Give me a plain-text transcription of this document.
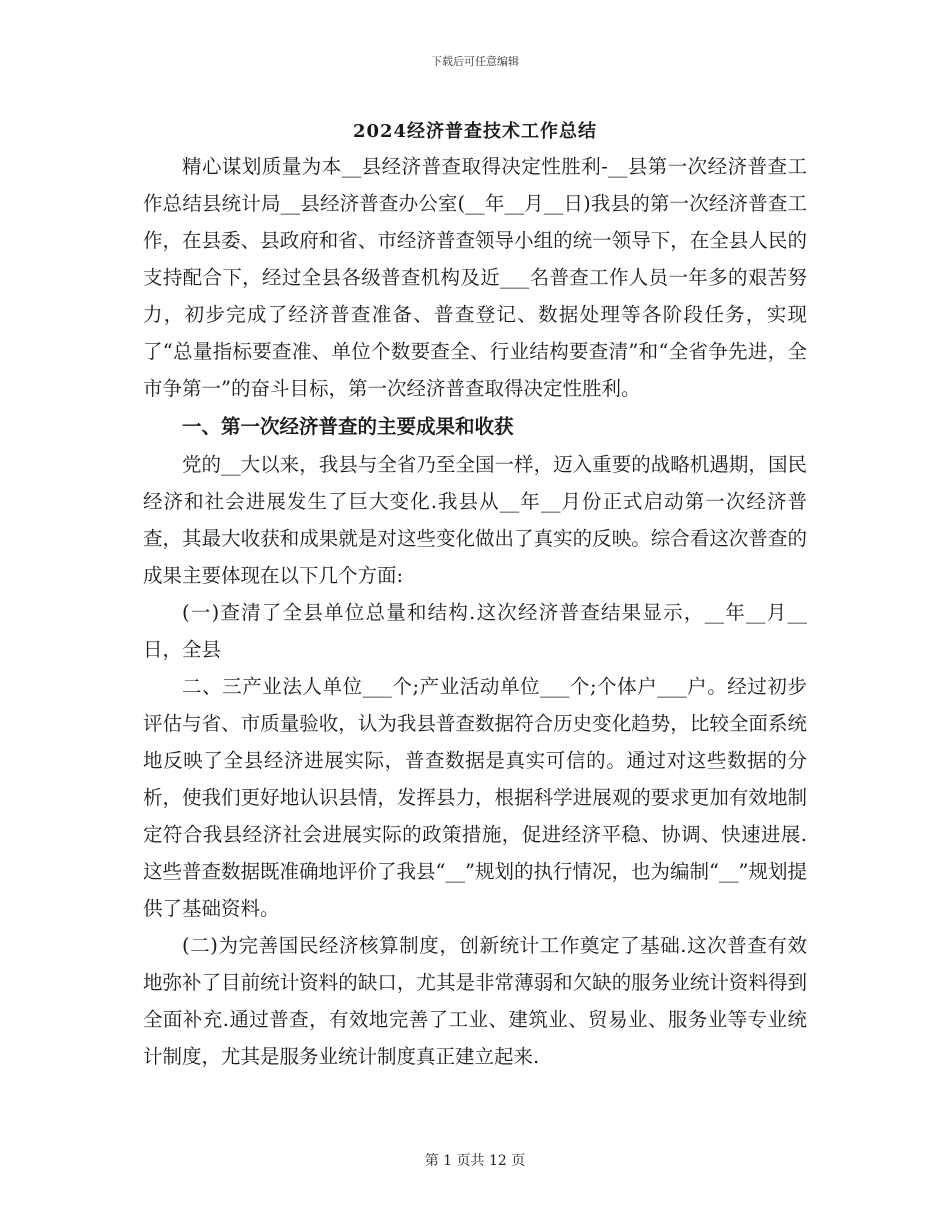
下载后可任意编辑
2024经济普查技术工作总结

精心谋划质量为本__县经济普查取得决定性胜利-__县第一次经济普查工作总结县统计局__县经济普查办公室(__年__月__日)我县的第一次经济普查工作，在县委、县政府和省、市经济普查领导小组的统一领导下，在全县人民的支持配合下，经过全县各级普查机构及近___名普查工作人员一年多的艰苦努力，初步完成了经济普查准备、普查登记、数据处理等各阶段任务，实现了“总量指标要查准、单位个数要查全、行业结构要查清”和“全省争先进，全市争第一”的奋斗目标，第一次经济普查取得决定性胜利。

一、第一次经济普查的主要成果和收获

党的__大以来，我县与全省乃至全国一样，迈入重要的战略机遇期，国民经济和社会进展发生了巨大变化.我县从__年__月份正式启动第一次经济普查，其最大收获和成果就是对这些变化做出了真实的反映。综合看这次普查的成果主要体现在以下几个方面:

(一)查清了全县单位总量和结构.这次经济普查结果显示，__年__月__日，全县

二、三产业法人单位___个;产业活动单位___个;个体户___户。经过初步评估与省、市质量验收，认为我县普查数据符合历史变化趋势，比较全面系统地反映了全县经济进展实际，普查数据是真实可信的。通过对这些数据的分析，使我们更好地认识县情，发挥县力，根据科学进展观的要求更加有效地制定符合我县经济社会进展实际的政策措施，促进经济平稳、协调、快速进展.这些普查数据既准确地评价了我县“__”规划的执行情况，也为编制“__”规划提供了基础资料。

(二)为完善国民经济核算制度，创新统计工作奠定了基础.这次普查有效地弥补了目前统计资料的缺口，尤其是非常薄弱和欠缺的服务业统计资料得到全面补充.通过普查，有效地完善了工业、建筑业、贸易业、服务业等专业统计制度，尤其是服务业统计制度真正建立起来.

第 1 页共 12 页
